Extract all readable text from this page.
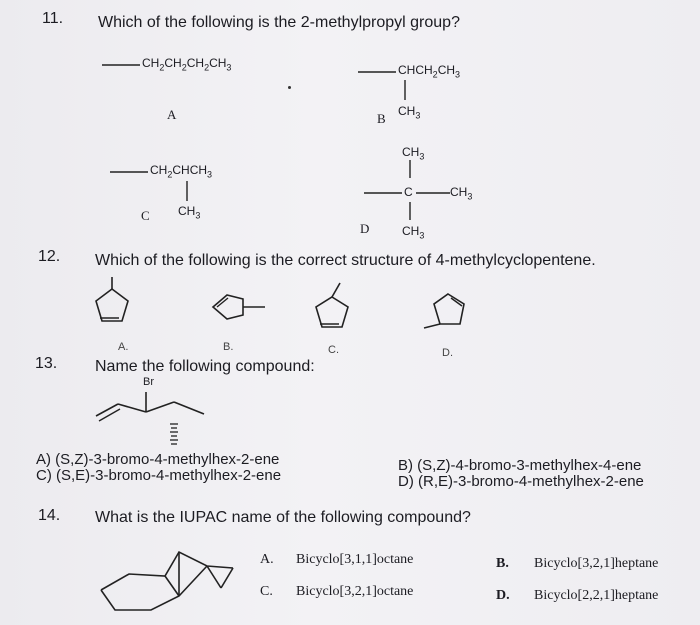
11. Which of the following is the 2-methylpropyl group?
$CH_2CH_2CH_2CH_3$
A
$CHCH_2CH_3$
B $CH_3$
$CH_2CHCH_3$
C $CH_3$
$CH_3$
C	$CH_3$
D	$CH_3$
12. Which of the following is the correct structure of 4-methylcyclopentene.
A.	B.	C.	D.
13. Name the following compound:
Br
A) (S,Z)-3-bromo-4-methylhex-2-ene	B) (S,Z)-4-bromo-3-methylhex-4-ene
C) (S,E)-3-bromo-4-methylhex-2-ene	D) (R,E)-3-bromo-4-methylhex-2-ene
14. What is the IUPAC name of the following compound?
A. Bicyclo[3,1,1]octane	B. Bicyclo[3,2,1]heptane
C. Bicyclo[3,2,1]octane	D. Bicyclo[2,2,1]heptane
